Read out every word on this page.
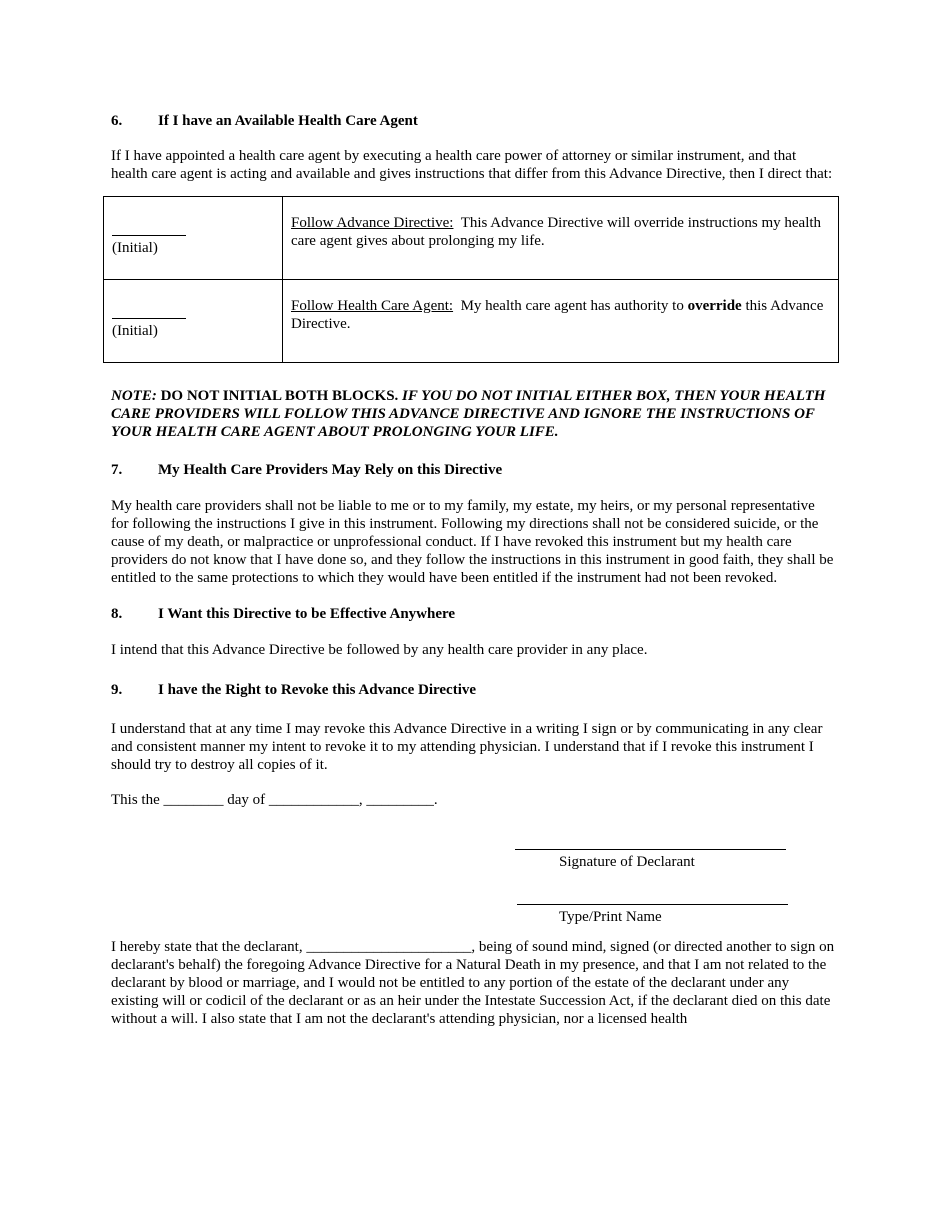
6. If I have an Available Health Care Agent

If I have appointed a health care agent by executing a health care power of attorney or similar instrument, and that health care agent is acting and available and gives instructions that differ from this Advance Directive, then I direct that:

(Initial)	Follow Advance Directive: This Advance Directive will override instructions my health care agent gives about prolonging my life.

(Initial)	Follow Health Care Agent: My health care agent has authority to override this Advance Directive.

NOTE: DO NOT INITIAL BOTH BLOCKS. IF YOU DO NOT INITIAL EITHER BOX, THEN YOUR HEALTH CARE PROVIDERS WILL FOLLOW THIS ADVANCE DIRECTIVE AND IGNORE THE INSTRUCTIONS OF YOUR HEALTH CARE AGENT ABOUT PROLONGING YOUR LIFE.

7. My Health Care Providers May Rely on this Directive

My health care providers shall not be liable to me or to my family, my estate, my heirs, or my personal representative for following the instructions I give in this instrument. Following my directions shall not be considered suicide, or the cause of my death, or malpractice or unprofessional conduct. If I have revoked this instrument but my health care providers do not know that I have done so, and they follow the instructions in this instrument in good faith, they shall be entitled to the same protections to which they would have been entitled if the instrument had not been revoked.

8. I Want this Directive to be Effective Anywhere

I intend that this Advance Directive be followed by any health care provider in any place.

9. I have the Right to Revoke this Advance Directive

I understand that at any time I may revoke this Advance Directive in a writing I sign or by communicating in any clear and consistent manner my intent to revoke it to my attending physician. I understand that if I revoke this instrument I should try to destroy all copies of it.

This the ________ day of ____________, _________.

Signature of Declarant
Type/Print Name

I hereby state that the declarant, ______________________, being of sound mind, signed (or directed another to sign on declarant's behalf) the foregoing Advance Directive for a Natural Death in my presence, and that I am not related to the declarant by blood or marriage, and I would not be entitled to any portion of the estate of the declarant under any existing will or codicil of the declarant or as an heir under the Intestate Succession Act, if the declarant died on this date without a will. I also state that I am not the declarant's attending physician, nor a licensed health
